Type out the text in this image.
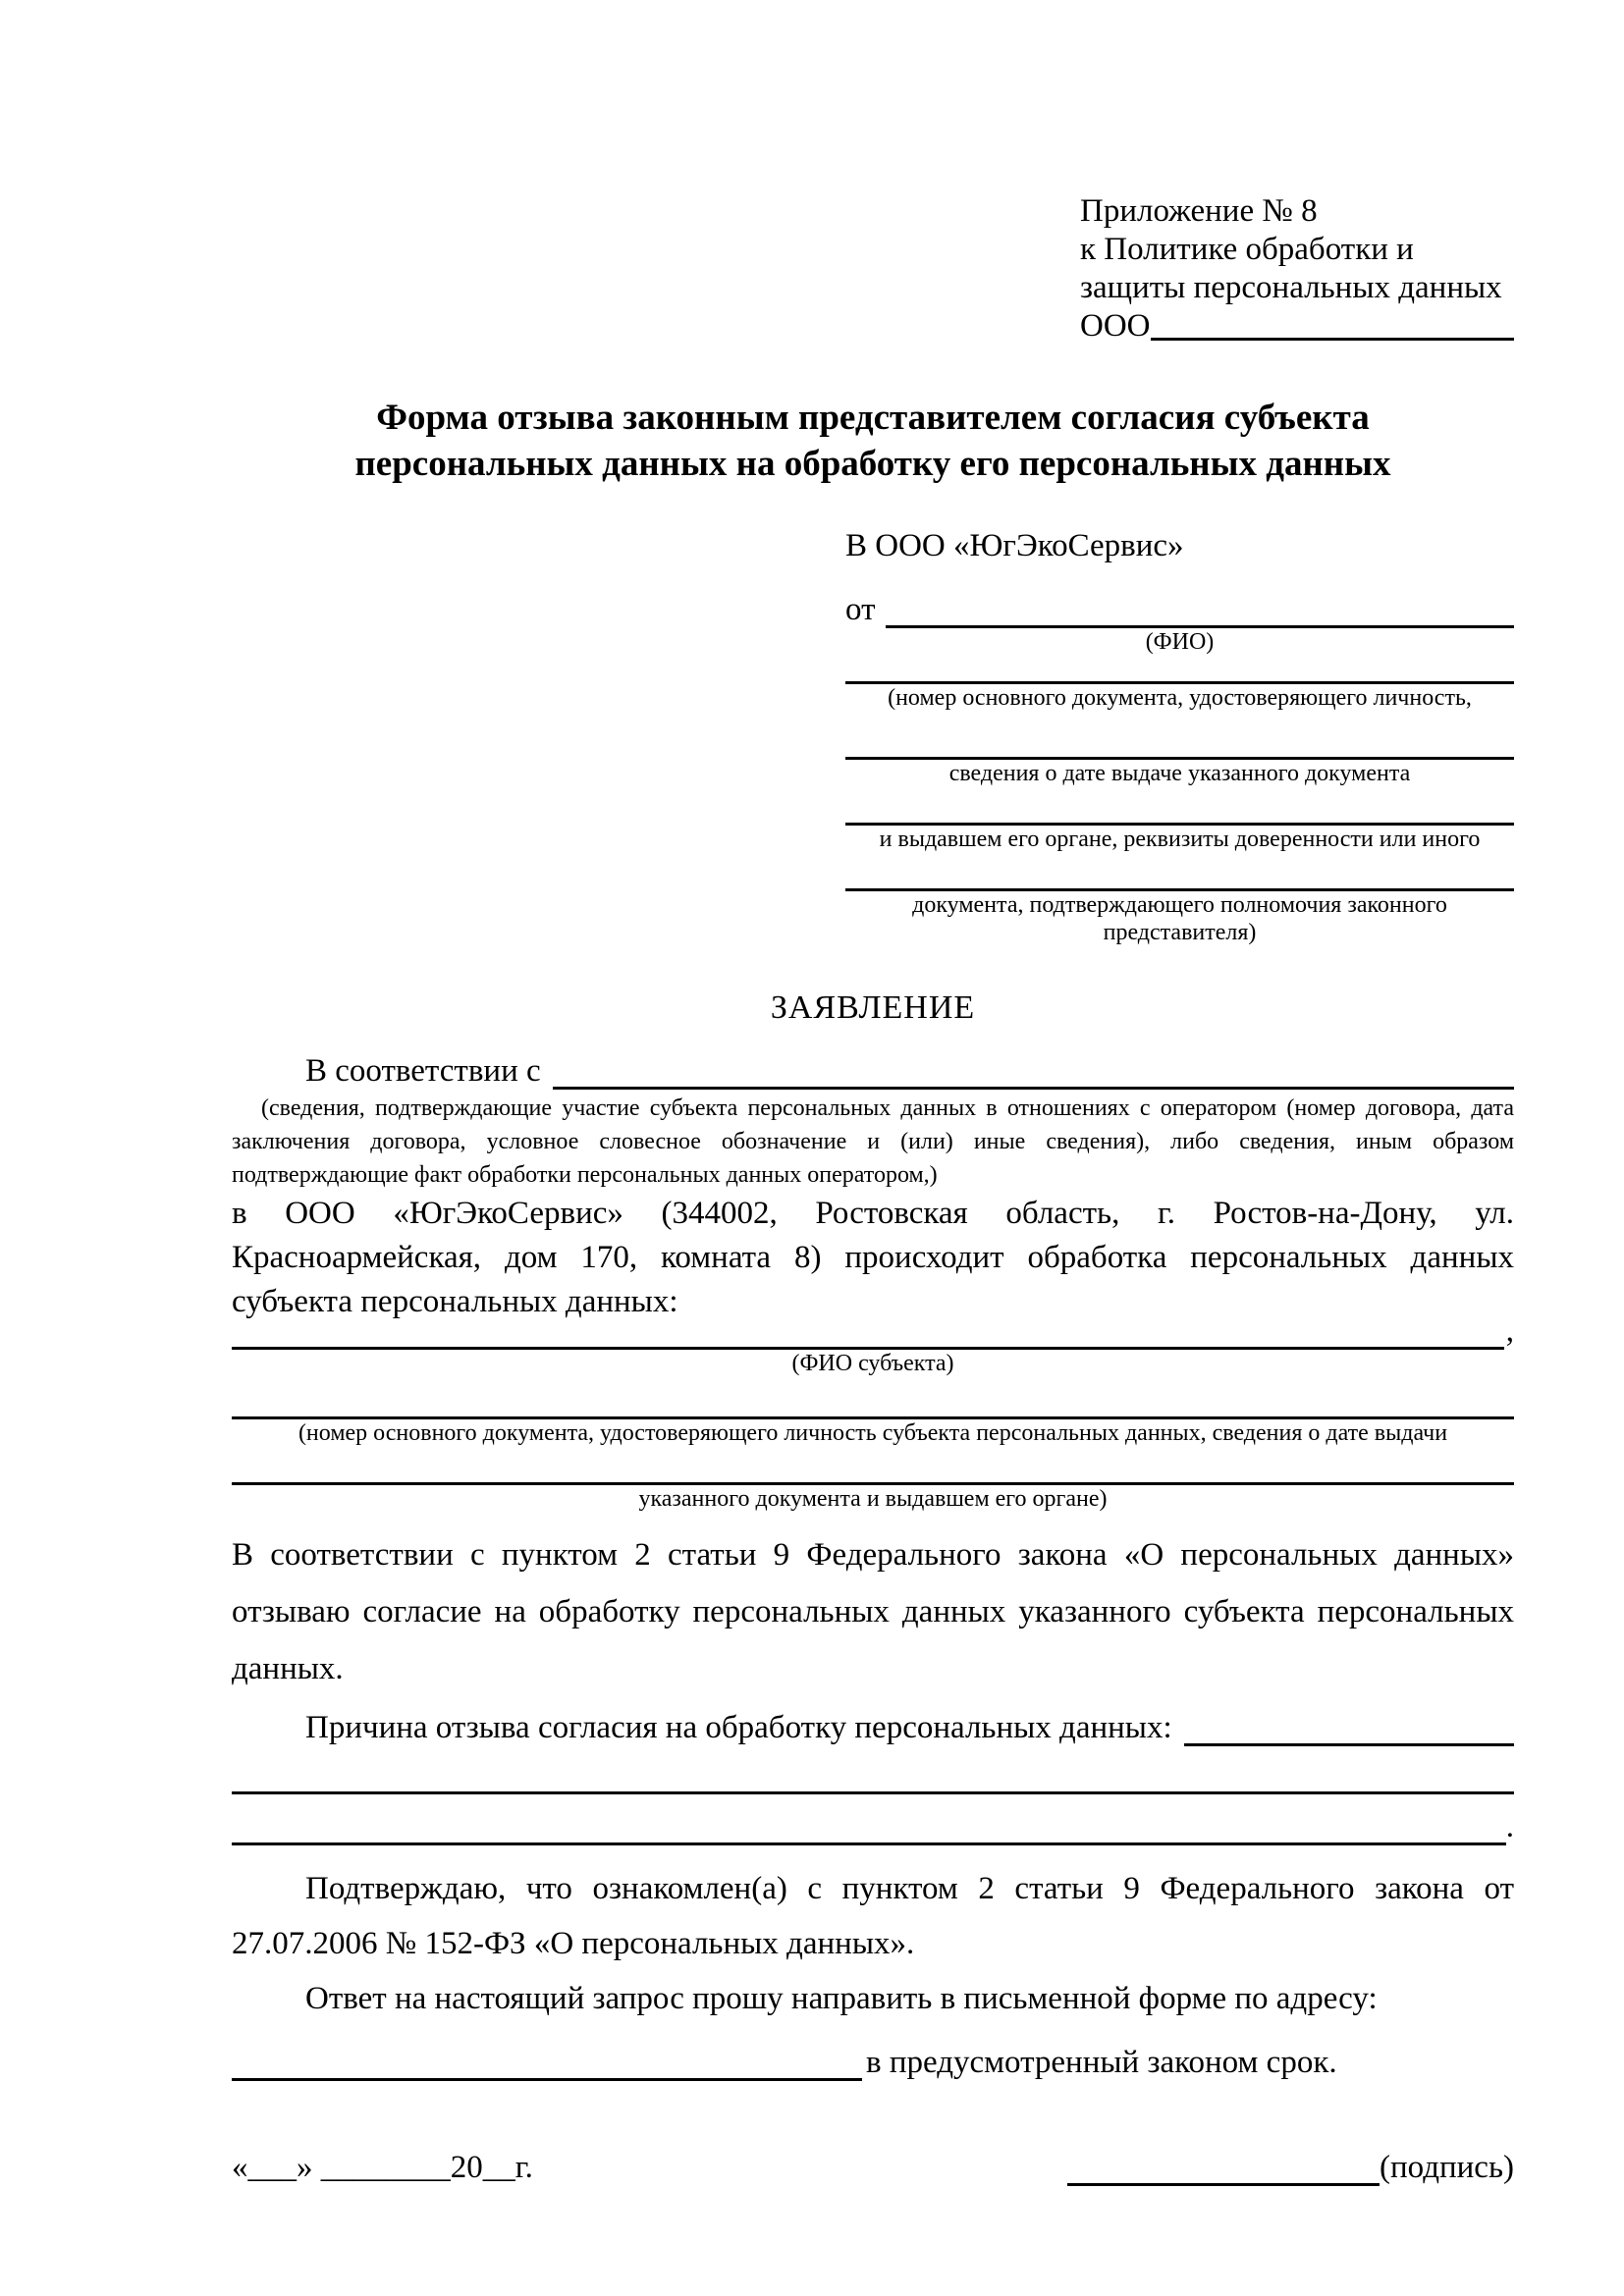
Приложение № 8
к Политике обработки и
защиты персональных данных
ООО
Форма отзыва законным представителем согласия субъекта персональных данных на обработку его персональных данных
В ООО «ЮгЭкоСервис»
от
(ФИО)
(номер основного документа, удостоверяющего личность,
сведения о дате выдаче указанного документа
и выдавшем его органе, реквизиты доверенности или иного
документа, подтверждающего полномочия законного представителя)
ЗАЯВЛЕНИЕ
В соответствии с
(сведения, подтверждающие участие субъекта персональных данных в отношениях с оператором (номер договора, дата заключения договора, условное словесное обозначение и (или) иные сведения), либо сведения, иным образом подтверждающие факт обработки персональных данных оператором,)
в ООО «ЮгЭкоСервис» (344002, Ростовская область, г. Ростов-на-Дону, ул. Красноармейская, дом 170, комната 8) происходит обработка персональных данных субъекта персональных данных:
,
(ФИО субъекта)
(номер основного документа, удостоверяющего личность субъекта персональных данных, сведения о дате выдачи
указанного документа и выдавшем его органе)
В соответствии с пунктом 2 статьи 9 Федерального закона «О персональных данных» отзываю согласие на обработку персональных данных указанного субъекта персональных данных.
Причина отзыва согласия на обработку персональных данных:
.
Подтверждаю, что ознакомлен(а) с пунктом 2 статьи 9 Федерального закона от 27.07.2006 № 152-ФЗ «О персональных данных».
Ответ на настоящий запрос прошу направить в письменной форме по адресу:
в предусмотренный законом срок.
«___» ________20__г.	(подпись)
